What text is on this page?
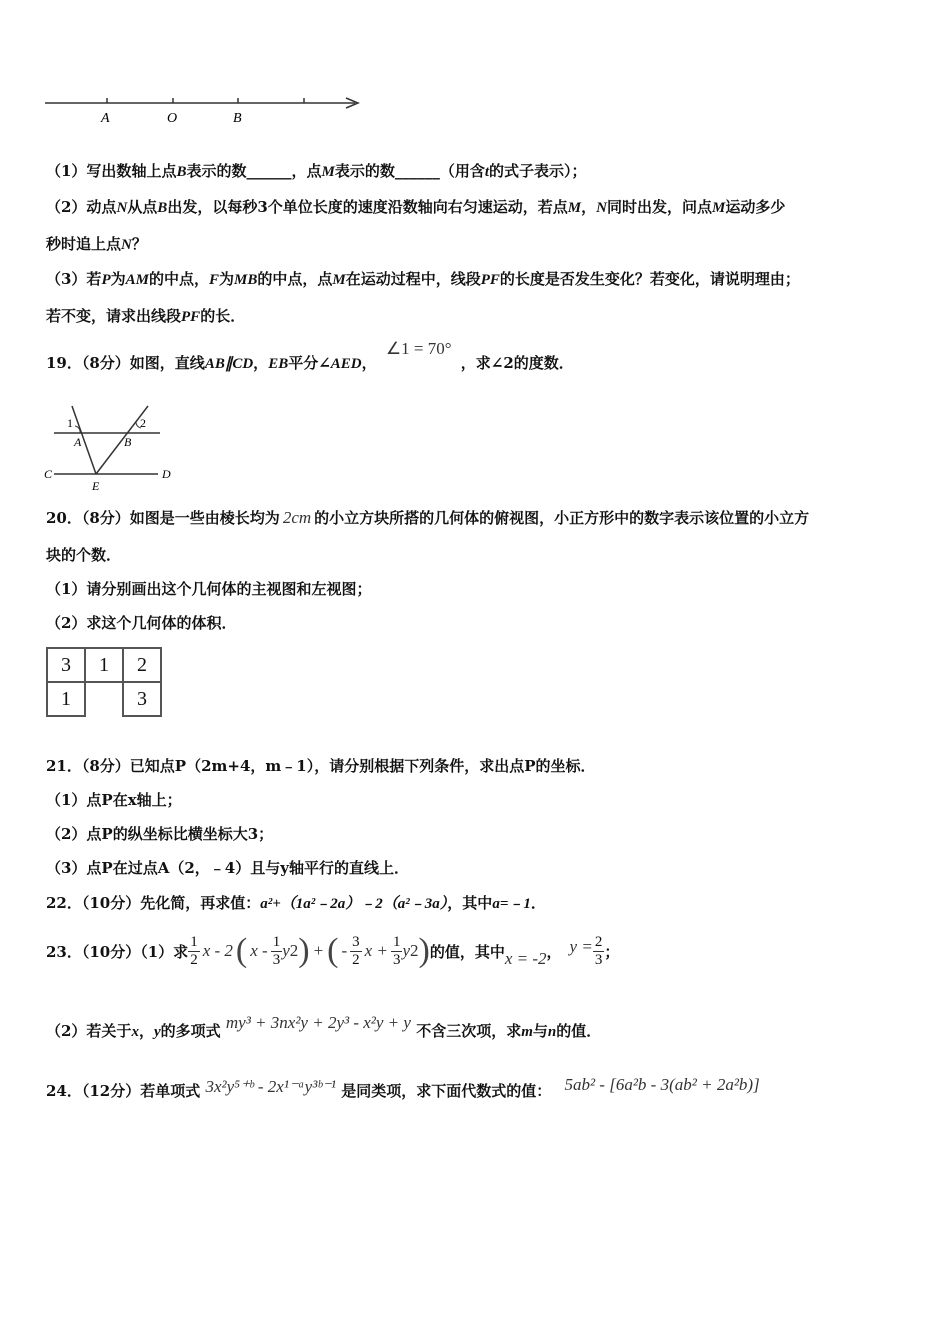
A	O	B
（1）写出数轴上点B表示的数______，点M表示的数______（用含t的式子表示）；
（2）动点N从点B出发，以每秒3个单位长度的速度沿数轴向右匀速运动，若点M，N同时出发，问点M运动多少
秒时追上点N？
（3）若P为AM的中点，F为MB的中点，点M在运动过程中，线段PF的长度是否发生变化？若变化，请说明理由；
若不变，请求出线段PF的长．
19．（8分）如图，直线AB∥CD，EB平分∠AED， ∠1 = 70° ，求∠2的度数．
1	2
A	B
C	D
E
20．（8分）如图是一些由棱长均为 2cm 的小立方块所搭的几何体的俯视图，小正方形中的数字表示该位置的小立方
块的个数．
（1）请分别画出这个几何体的主视图和左视图；
（2）求这个几何体的体积．
3	1	2
1		3
21．（8分）已知点P（2m+4，m﹣1），请分别根据下列条件，求出点P的坐标．
（1）点P在x轴上；
（2）点P的纵坐标比横坐标大3；
（3）点P在过点A（2，﹣4）且与y轴平行的直线上．
22．（10分）先化简，再求值：a²+（1a²﹣2a）﹣2（a²﹣3a），其中a=﹣1．
23．（10分）（1）求 $\frac{1}{2}$ x - 2 ( x - $\frac{1}{3}$ y 2 ) + ( - $\frac{3}{2}$ $x + \frac{1}{3}$ y 2 ) 的值，其中 x = -2 ， $y = \frac{2}{3}$ ；
（2）若关于x，y的多项式 my³ + 3nx²y + 2y³ - x²y + y 不含三次项，求m与n的值．
24．（12分）若单项式 3x²y⁵⁺ᵇ - 2x¹⁻ᵃy³ᵇ⁻¹ 是同类项，求下面代数式的值： 5ab² - [6a²b - 3(ab² + 2a²b)]
